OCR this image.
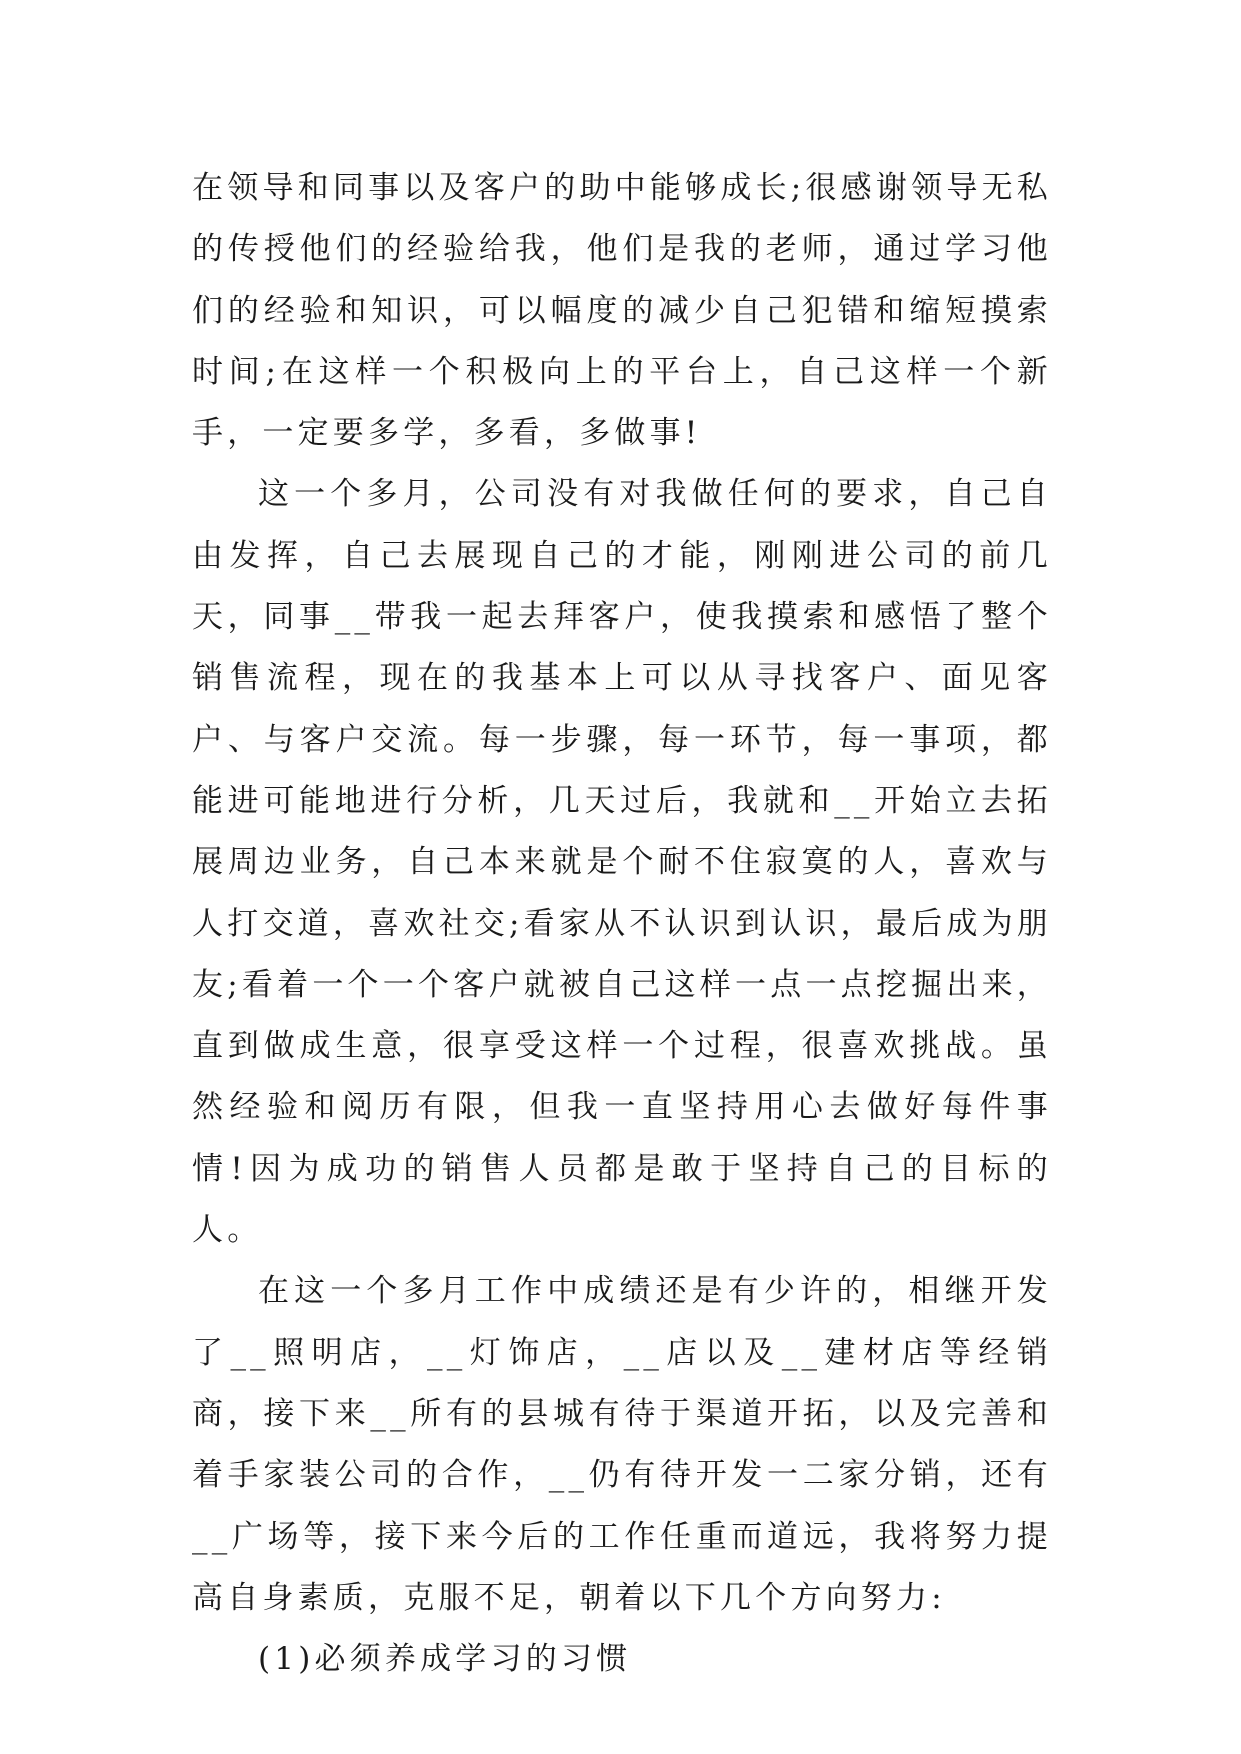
在领导和同事以及客户的助中能够成长;很感谢领导无私的传授他们的经验给我，他们是我的老师，通过学习他们的经验和知识，可以幅度的减少自己犯错和缩短摸索时间;在这样一个积极向上的平台上，自己这样一个新手，一定要多学，多看，多做事!

这一个多月，公司没有对我做任何的要求，自己自由发挥，自己去展现自己的才能，刚刚进公司的前几天，同事__带我一起去拜客户，使我摸索和感悟了整个销售流程，现在的我基本上可以从寻找客户、面见客户、与客户交流。每一步骤，每一环节，每一事项，都能进可能地进行分析，几天过后，我就和__开始立去拓展周边业务，自己本来就是个耐不住寂寞的人，喜欢与人打交道，喜欢社交;看家从不认识到认识，最后成为朋友;看着一个一个客户就被自己这样一点一点挖掘出来，直到做成生意，很享受这样一个过程，很喜欢挑战。虽然经验和阅历有限，但我一直坚持用心去做好每件事情!因为成功的销售人员都是敢于坚持自己的目标的人。

在这一个多月工作中成绩还是有少许的，相继开发了__照明店，__灯饰店，__店以及__建材店等经销商，接下来__所有的县城有待于渠道开拓，以及完善和着手家装公司的合作，__仍有待开发一二家分销，还有__广场等，接下来今后的工作任重而道远，我将努力提高自身素质，克服不足，朝着以下几个方向努力:

(1)必须养成学习的习惯
